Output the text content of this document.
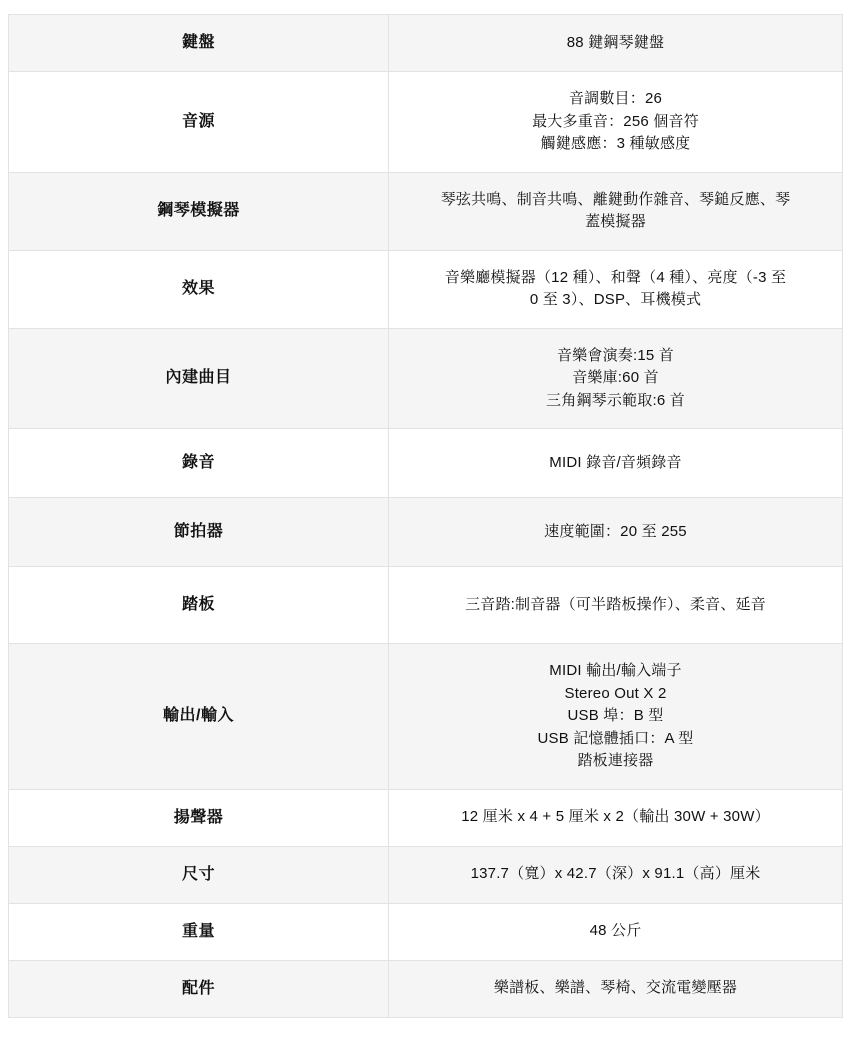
鍵盤	88 鍵鋼琴鍵盤

音源	音調數目：26
最大多重音：256 個音符
觸鍵感應：3 種敏感度

鋼琴模擬器	琴弦共鳴、制音共鳴、離鍵動作雜音、琴鎚反應、琴
蓋模擬器

效果	音樂廳模擬器（12 種）、和聲（4 種）、亮度（-3 至
0 至 3）、DSP、耳機模式

內建曲目	音樂會演奏:15 首
音樂庫:60 首
三角鋼琴示範取:6 首

錄音	MIDI 錄音/音頻錄音

節拍器	速度範圍：20 至 255

踏板	三音踏:制音器（可半踏板操作）、柔音、延音

輸出/輸入	MIDI 輸出/輸入端子
Stereo Out X 2
USB 埠：B 型
USB 記憶體插口：A 型
踏板連接器

揚聲器	12 厘米 x 4 + 5 厘米 x 2（輸出 30W + 30W）

尺寸	137.7（寬）x 42.7（深）x 91.1（高）厘米

重量	48 公斤

配件	樂譜板、樂譜、琴椅、交流電變壓器
